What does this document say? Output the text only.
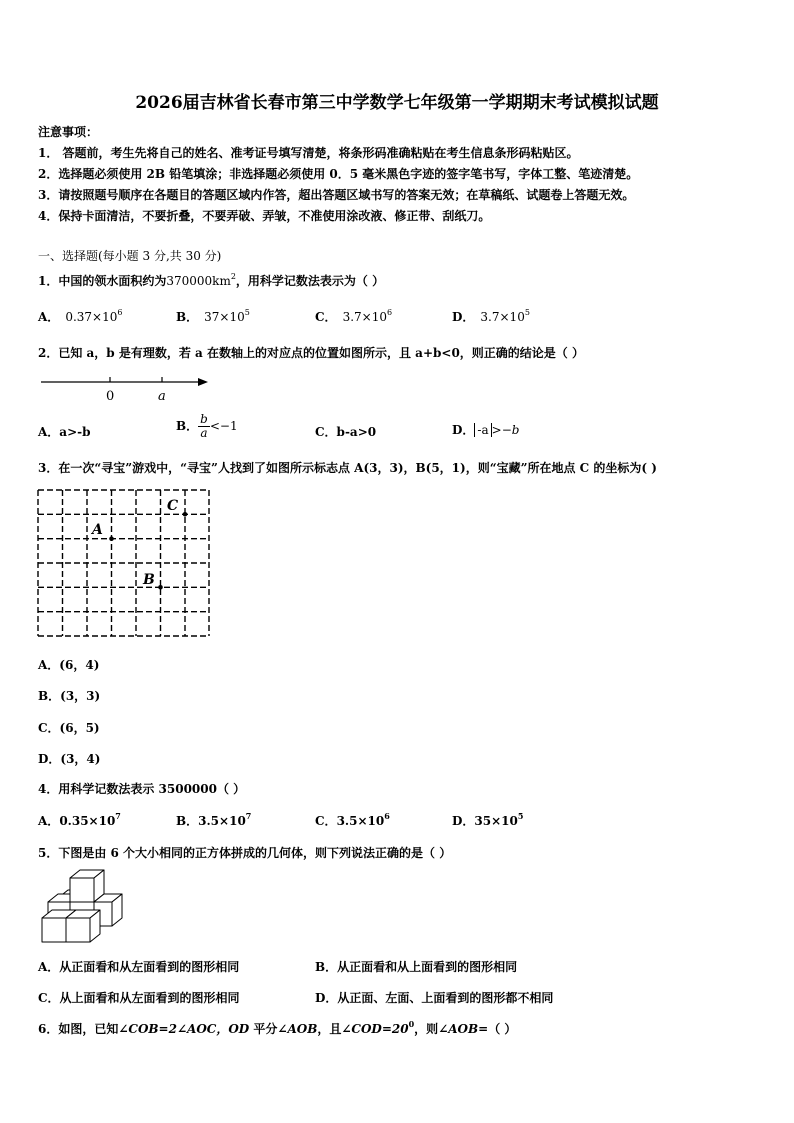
2026届吉林省长春市第三中学数学七年级第一学期期末考试模拟试题
注意事项：
1． 答题前，考生先将自己的姓名、准考证号填写清楚，将条形码准确粘贴在考生信息条形码粘贴区。
2．选择题必须使用 2B 铅笔填涂；非选择题必须使用 0．5 毫米黑色字迹的签字笔书写，字体工整、笔迹清楚。
3．请按照题号顺序在各题目的答题区域内作答，超出答题区域书写的答案无效；在草稿纸、试题卷上答题无效。
4．保持卡面清洁，不要折叠，不要弄破、弄皱，不准使用涂改液、修正带、刮纸刀。
一、选择题(每小题 3 分,共 30 分)
1．中国的领水面积约为$370000km^2$，用科学记数法表示为（ ）
A． $0.37\times 10^6$	B． $37\times 10^5$	C． $3.7\times 10^6$	D． $3.7\times 10^5$
2．已知 a，b 是有理数，若 a 在数轴上的对应点的位置如图所示，且 a+b<0，则正确的结论是（ ）
0	a
A．a>-b	B． $\frac{b}{a} <-1$	C．b-a>0	D． -a >−b
3．在一次“寻宝”游戏中，“寻宝”人找到了如图所示标志点 A(3，3)，B(5，1)，则“宝藏”所在地点 C 的坐标为( )
A
B
C
A．(6，4)
B．(3，3)
C．(6，5)
D．(3，4)
4．用科学记数法表示 3500000（ ）
A．$0.35\times 10^7$	B．$3.5\times 10^7$	C．$3.5\times 10^6$	D．$35\times 10^5$
5．下图是由 6 个大小相同的正方体拼成的几何体，则下列说法正确的是（ ）
A．从正面看和从左面看到的图形相同	B．从正面看和从上面看到的图形相同
C．从上面看和从左面看到的图形相同	D．从正面、左面、上面看到的图形都不相同
6．如图，已知∠COB=2∠AOC，OD 平分∠AOB，且$\angle COD=20^0$，则∠AOB=（ ）
